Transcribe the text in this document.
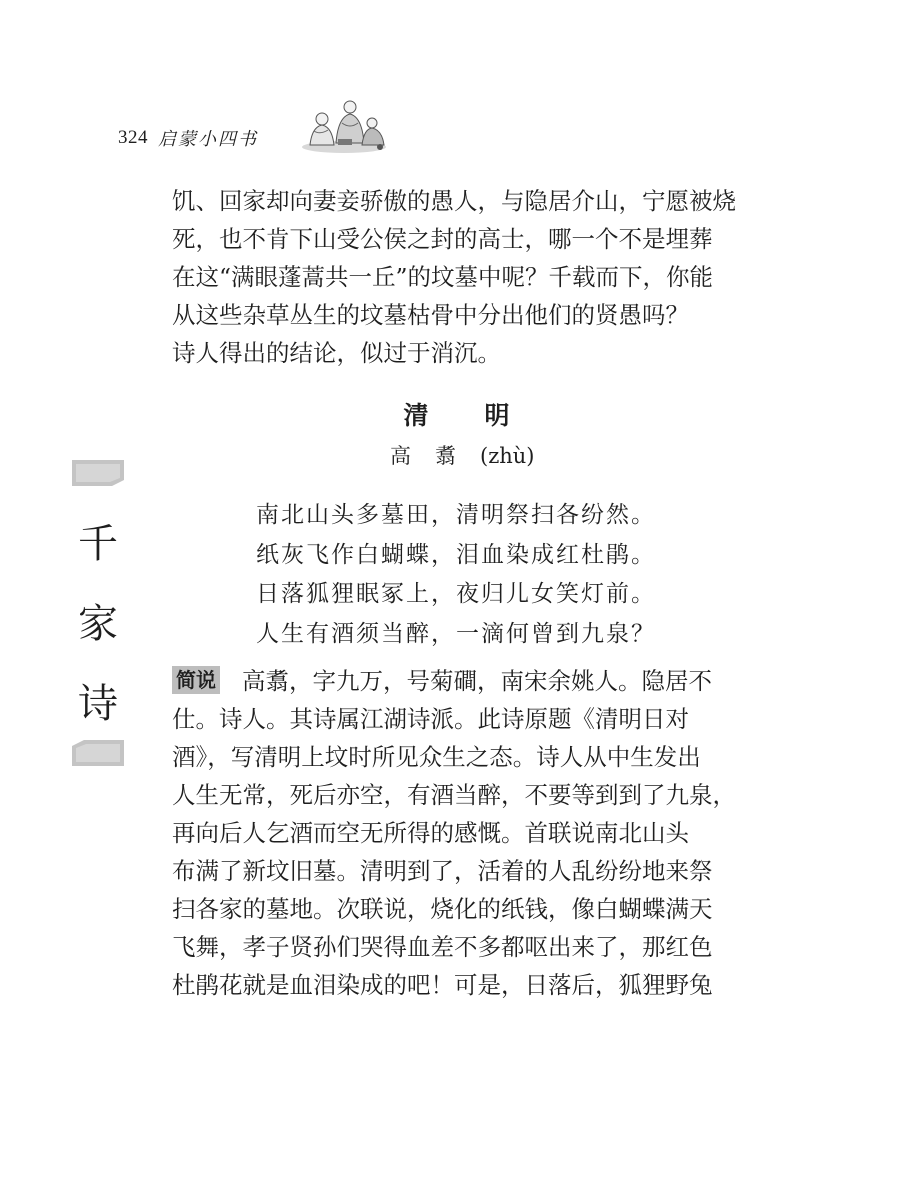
324 启蒙小四书
千
家
诗

饥、回家却向妻妾骄傲的愚人，与隐居介山，宁愿被烧

死，也不肯下山受公侯之封的高士，哪一个不是埋葬

在这“满眼蓬蒿共一丘”的坟墓中呢？千载而下，你能

从这些杂草丛生的坟墓枯骨中分出他们的贤愚吗？

诗人得出的结论，似过于消沉。

清明
高翥(zhù)

南北山头多墓田，清明祭扫各纷然。

纸灰飞作白蝴蝶，泪血染成红杜鹃。

日落狐狸眠冢上，夜归儿女笑灯前。

人生有酒须当醉，一滴何曾到九泉？

简说 高翥，字九万，号菊磵，南宋余姚人。隐居不

仕。诗人。其诗属江湖诗派。此诗原题《清明日对

酒》，写清明上坟时所见众生之态。诗人从中生发出

人生无常，死后亦空，有酒当醉，不要等到到了九泉，

再向后人乞酒而空无所得的感慨。首联说南北山头

布满了新坟旧墓。清明到了，活着的人乱纷纷地来祭

扫各家的墓地。次联说，烧化的纸钱，像白蝴蝶满天

飞舞，孝子贤孙们哭得血差不多都呕出来了，那红色

杜鹃花就是血泪染成的吧！可是，日落后，狐狸野兔
